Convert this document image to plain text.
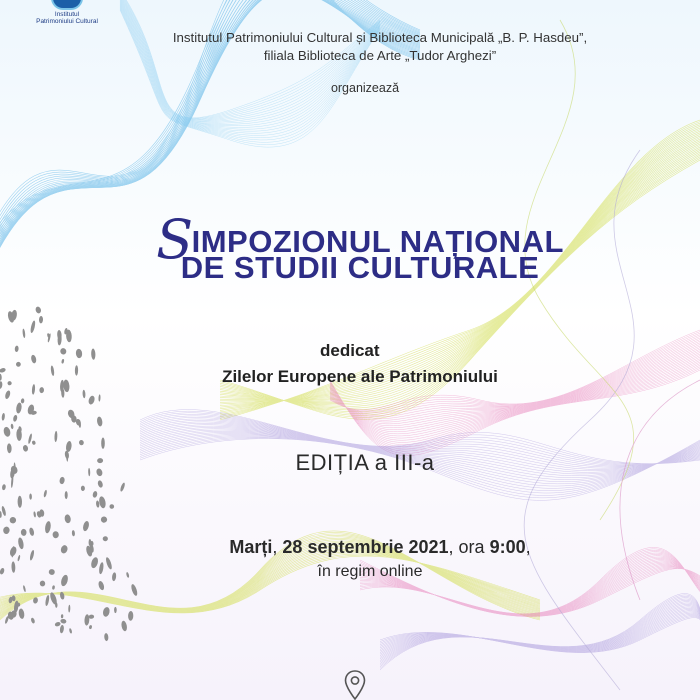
Institutul
Patrimoniului Cultural
Institutul Patrimoniului Cultural și Biblioteca Municipală „B. P. Hasdeu”,
filiala Biblioteca de Arte „Tudor Arghezi”
organizează
SIMPOZIONUL NAȚIONAL
DE STUDII CULTURALE
dedicat
Zilelor Europene ale Patrimoniului
EDIȚIA a III-a
Marți, 28 septembrie 2021, ora 9:00,
în regim online
